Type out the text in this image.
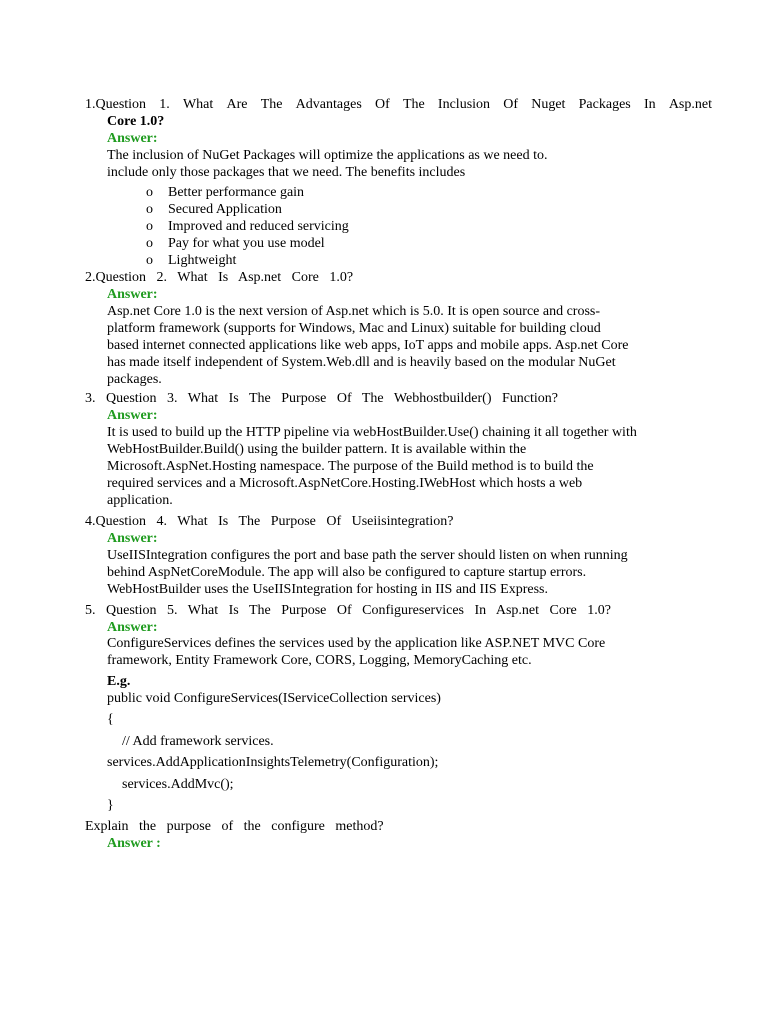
1.Question 1. What Are The Advantages Of The Inclusion Of Nuget Packages In Asp.net
Core 1.0?
Answer:
The inclusion of NuGet Packages will optimize the applications as we need to.
include only those packages that we need. The benefits includes
o Better performance gain
o Secured Application
o Improved and reduced servicing
o Pay for what you use model
o Lightweight
2.Question   2.   What   Is   Asp.net   Core   1.0?
Answer:
Asp.net Core 1.0 is the next version of Asp.net which is 5.0. It is open source and cross-
platform framework (supports for Windows, Mac and Linux) suitable for building cloud
based internet connected applications like web apps, IoT apps and mobile apps. Asp.net Core
has made itself independent of System.Web.dll and is heavily based on the modular NuGet
packages.
3.   Question   3.   What   Is   The   Purpose   Of   The   Webhostbuilder()   Function?
Answer:
It is used to build up the HTTP pipeline via webHostBuilder.Use() chaining it all together with
WebHostBuilder.Build() using the builder pattern. It is available within the
Microsoft.AspNet.Hosting namespace. The purpose of the Build method is to build the
required services and a Microsoft.AspNetCore.Hosting.IWebHost which hosts a web
application.
4.Question   4.   What   Is   The   Purpose   Of   Useiisintegration?
Answer:
UseIISIntegration configures the port and base path the server should listen on when running
behind AspNetCoreModule. The app will also be configured to capture startup errors.
WebHostBuilder uses the UseIISIntegration for hosting in IIS and IIS Express.
5.   Question   5.   What   Is   The   Purpose   Of   Configureservices   In   Asp.net   Core   1.0?
Answer:
ConfigureServices defines the services used by the application like ASP.NET MVC Core
framework, Entity Framework Core, CORS, Logging, MemoryCaching etc.
E.g.
public void ConfigureServices(IServiceCollection services)
{
// Add framework services.
services.AddApplicationInsightsTelemetry(Configuration);
services.AddMvc();
}
Explain   the   purpose   of   the   configure   method?
Answer :
